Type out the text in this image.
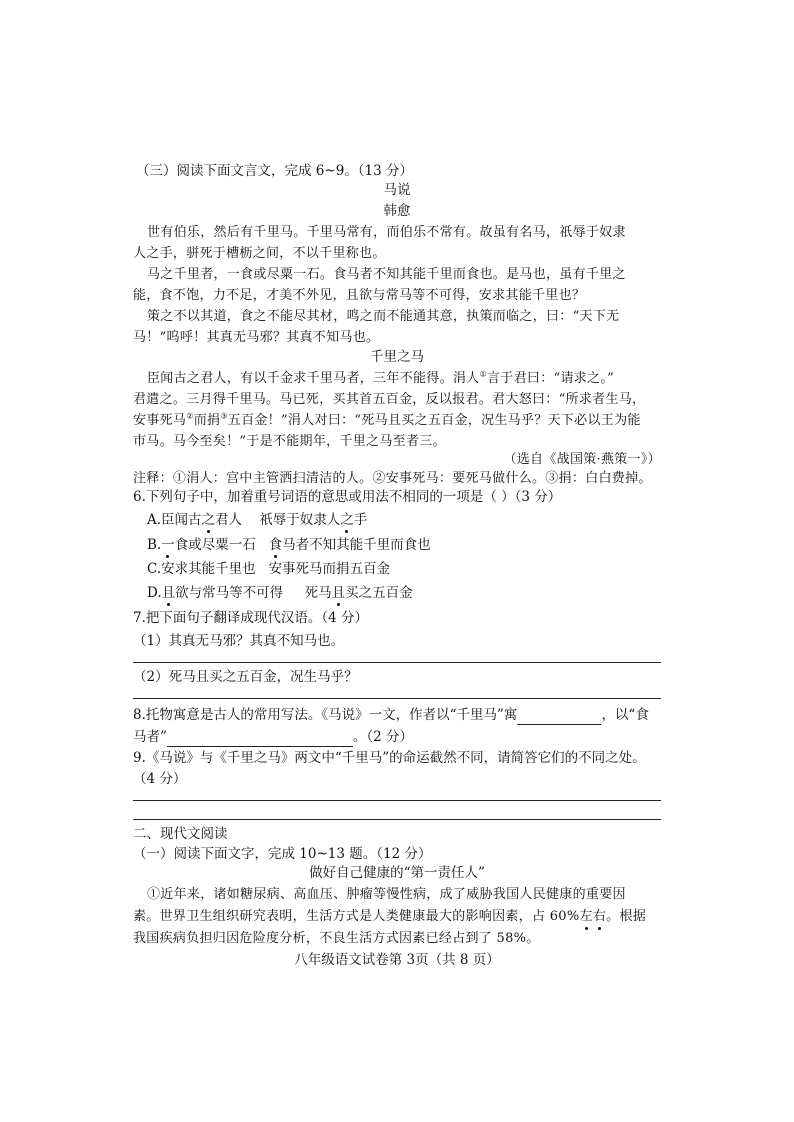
（三）阅读下面文言文，完成 6~9。（13 分）
马说
韩愈
世有伯乐，然后有千里马。千里马常有，而伯乐不常有。故虽有名马，祇辱于奴隶
人之手，骈死于槽枥之间，不以千里称也。
马之千里者，一食或尽粟一石。食马者不知其能千里而食也。是马也，虽有千里之
能，食不饱，力不足，才美不外见，且欲与常马等不可得，安求其能千里也？
策之不以其道，食之不能尽其材，鸣之而不能通其意，执策而临之，曰：“天下无
马！”呜呼！其真无马邪？其真不知马也。
千里之马
臣闻古之君人，有以千金求千里马者，三年不能得。涓人①言于君曰：“请求之。”
君遣之。三月得千里马。马已死，买其首五百金，反以报君。君大怒曰：“所求者生马，
安事死马②而捐③五百金！”涓人对曰：“死马且买之五百金，况生马乎？天下必以王为能
市马。马今至矣！”于是不能期年，千里之马至者三。
（选自《战国策·燕策一》）
注释：①涓人：宫中主管洒扫清洁的人。②安事死马：要死马做什么。③捐：白白费掉。
6.下列句子中，加着重号词语的意思或用法不相同的一项是（ ）（3 分）
A.臣闻古之君人    祇辱于奴隶人之手
B.一食或尽粟一石   食马者不知其能千里而食也
C.安求其能千里也   安事死马而捐五百金
D.且欲与常马等不可得     死马且买之五百金
7.把下面句子翻译成现代汉语。（4 分）
（1）其真无马邪？其真不知马也。
（2）死马且买之五百金，况生马乎？
8.托物寓意是古人的常用写法。《马说》一文，作者以“千里马”寓	，以“食
马者”	。（2 分）
9.《马说》与《千里之马》两文中“千里马”的命运截然不同，请简答它们的不同之处。
（4 分）
二、现代文阅读
（一）阅读下面文字，完成 10~13 题。（12 分）
做好自己健康的“第一责任人”
①近年来，诸如糖尿病、高血压、肿瘤等慢性病，成了威胁我国人民健康的重要因
素。世界卫生组织研究表明，生活方式是人类健康最大的影响因素，占 60%左右。根据
我国疾病负担归因危险度分析，不良生活方式因素已经占到了 58%。
八年级语文试卷第 3页（共 8 页）
